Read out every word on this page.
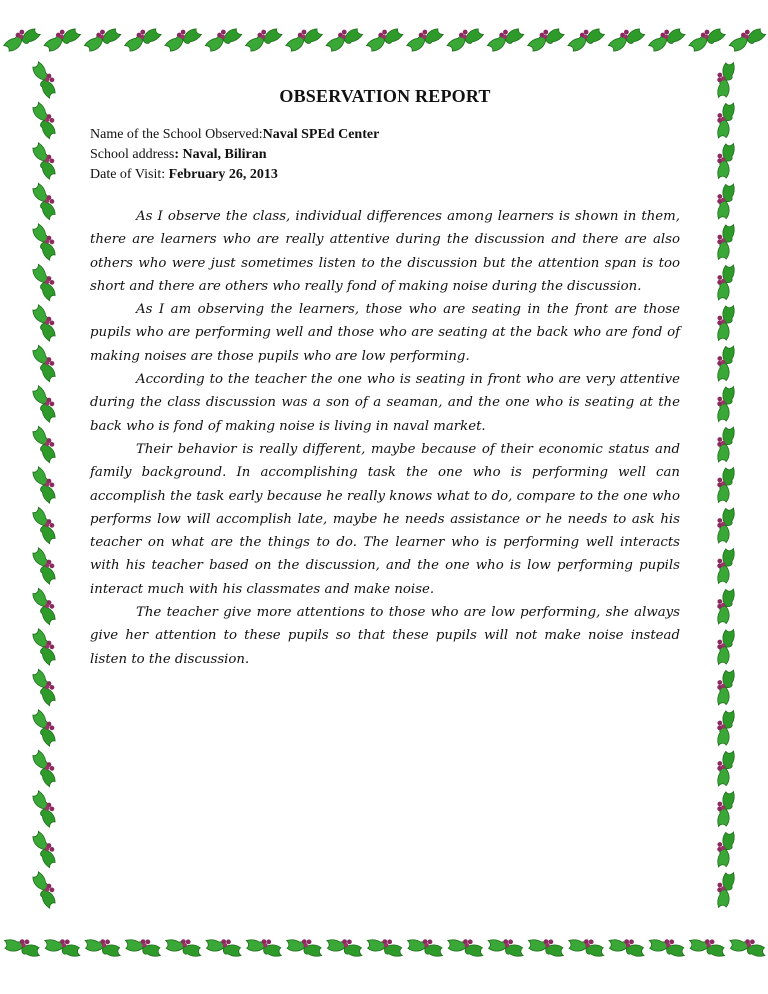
OBSERVATION REPORT
Name of the School Observed:Naval SPEd Center
School address: Naval, Biliran
Date of Visit: February 26, 2013

As I observe the class, individual differences among learners is shown in them, there are learners who are really attentive during the discussion and there are also others who were just sometimes listen to the discussion but the attention span is too short and there are others who really fond of making noise during the discussion.

As I am observing the learners, those who are seating in the front are those pupils who are performing well and those who are seating at the back who are fond of making noises are those pupils who are low performing.

According to the teacher the one who is seating in front who are very attentive during the class discussion was a son of a seaman, and the one who is seating at the back who is fond of making noise is living in naval market.

Their behavior is really different, maybe because of their economic status and family background. In accomplishing task the one who is performing well can accomplish the task early because he really knows what to do, compare to the one who performs low will accomplish late, maybe he needs assistance or he needs to ask his teacher on what are the things to do. The learner who is performing well interacts with his teacher based on the discussion, and the one who is low performing pupils interact much with his classmates and make noise.

The teacher give more attentions to those who are low performing, she always give her attention to these pupils so that these pupils will not make noise instead listen to the discussion.
